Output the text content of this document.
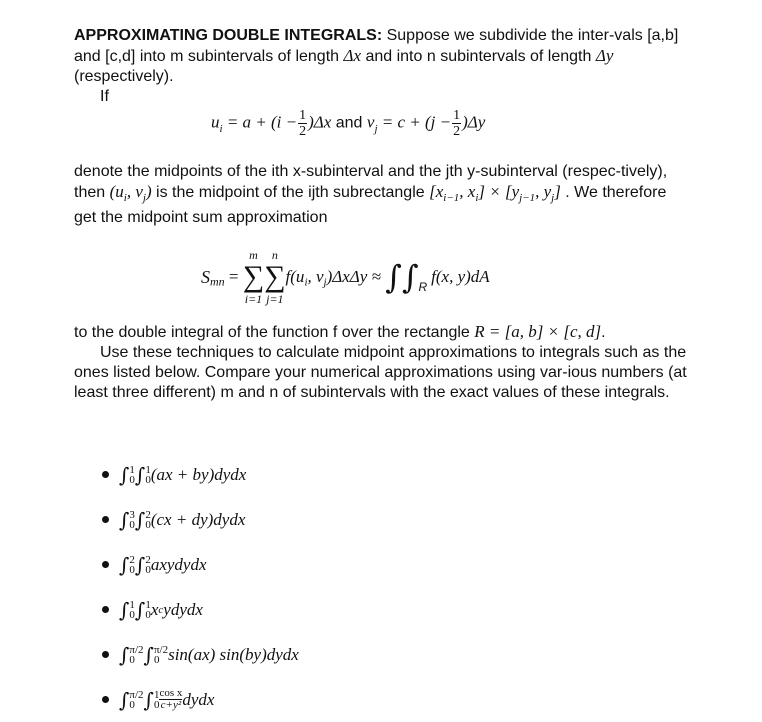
APPROXIMATING DOUBLE INTEGRALS: Suppose we subdivide the inter-vals [a,b] and [c,d] into m subintervals of length Δx and into n subintervals of length Δy (respectively).

If

$u_i = a + (i - \frac{1}{2} )\Delta x$ and $v_j = c + (j - \frac{1}{2} )\Delta y$

denote the midpoints of the ith x-subinterval and the jth y-subinterval (respec-tively), then ($u_i$, $v_j$) is the midpoint of the ijth subrectangle [$x_{i-1}$, $x_i] \times [y_{j-1}$, $y_j$] . We therefore get the midpoint sum approximation

$S_{mn}$ =
m
∑
i=1
n
∑
j=1
$f(u_i$, $v_j)\Delta x\Delta y \approx \int\int_Rf(x$, y)dA

to the double integral of the function f over the rectangle R = [a, b] × [c, d].

Use these techniques to calculate midpoint approximations to integrals such as the ones listed below. Compare your numerical approximations using var-ious numbers (at least three different) m and n of subintervals with the exact values of these integrals.

∫ 1
0 ∫ 1
0 (ax + by)dydx
∫ 3
0 ∫ 2
0 (cx + dy)dydx
∫ 2
0 ∫ 2
0 axydydx
∫ 1
0 ∫ 1
0 x c ydydx
∫ π/2
0 ∫ π/2
0 sin(ax) sin(by)dydx
∫ π/2
0 ∫ 1
$0 \frac{\text{cos x}}{\text{c+y²}}$ dydx
